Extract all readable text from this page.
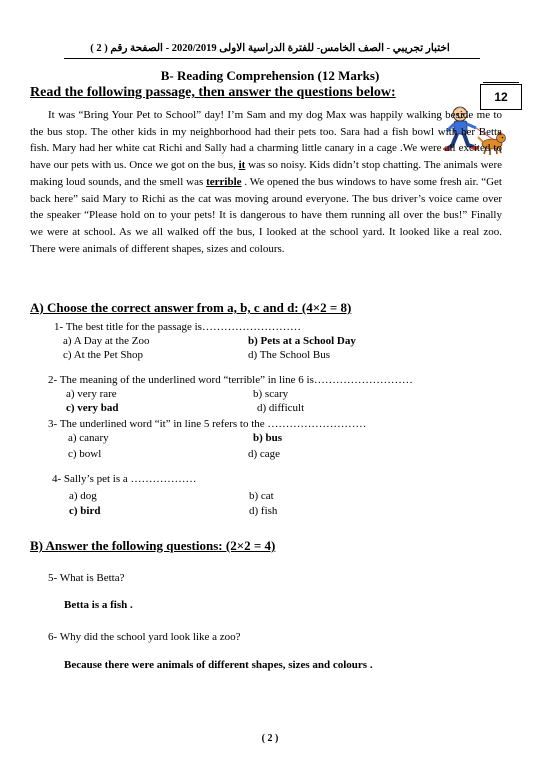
اختبار تجريبي - الصف الخامس- للفترة الدراسية الاولى 2020/2019 - الصفحة رقم ( 2 )
B- Reading Comprehension (12 Marks)
Read the following passage, then answer the questions below:	12

It was “Bring Your Pet to School” day! I’m Sam and my dog Max was happily walking beside me to the bus stop. The other kids in my neighborhood had their pets too. Sara had a fish bowl with her Betta fish. Mary had her white cat Richi and Sally had a charming little canary in a cage .We were all excited to have our pets with us. Once we got on the bus, it was so noisy. Kids didn’t stop chatting. The animals were making loud sounds, and the smell was terrible . We opened the bus windows to have some fresh air. “Get back here” said Mary to Richi as the cat was moving around everyone. The bus driver’s voice came over the speaker “Please hold on to your pets! It is dangerous to have them running all over the bus!” Finally we were at school. As we all walked off the bus, I looked at the school yard. It looked like a real zoo. There were animals of different shapes, sizes and colours.

A) Choose the correct answer from a, b, c and d: (4×2 = 8)
1- The best title for the passage is………………………
a) A Day at the Zoo	b) Pets at a School Day
c) At the Pet Shop	d) The School Bus
2- The meaning of the underlined word “terrible” in line 6 is………………………
a) very rare	b) scary
c) very bad	d) difficult
3- The underlined word “it” in line 5 refers to the ………………………
a) canary	b) bus
c) bowl	d) cage
4- Sally’s pet is a ………………
a) dog	b) cat
c) bird	d) fish
B) Answer the following questions: (2×2 = 4)
5- What is Betta?
Betta is a fish .
6- Why did the school yard look like a zoo?
Because there were animals of different shapes, sizes and colours .
( 2 )
